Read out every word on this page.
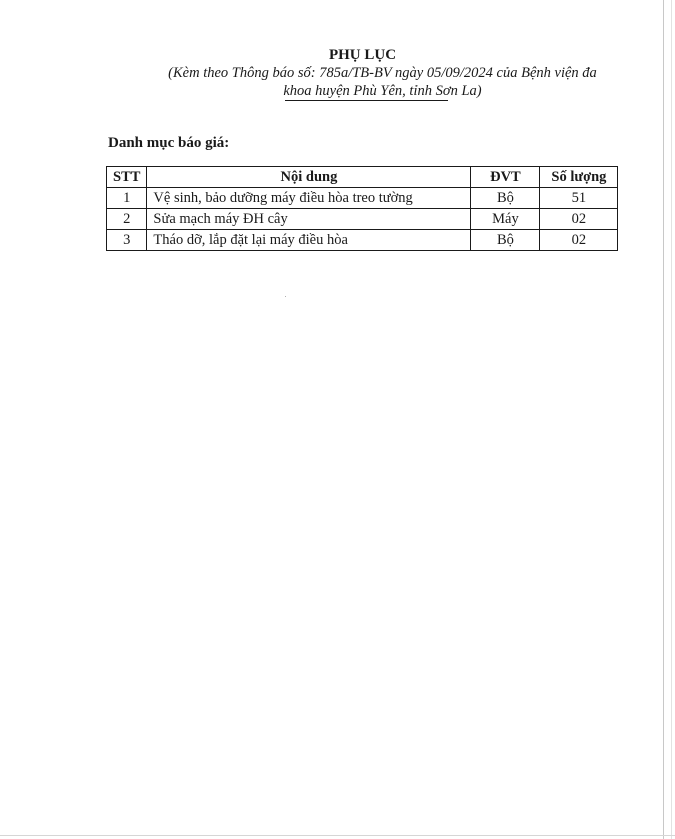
PHỤ LỤC
(Kèm theo Thông báo số: 785a/TB-BV ngày 05/09/2024 của Bệnh viện đa
khoa huyện Phù Yên, tỉnh Sơn La)
Danh mục báo giá:
STT	Nội dung	ĐVT	Số lượng
1	Vệ sinh, bảo dưỡng máy điều hòa treo tường	Bộ	51
2	Sửa mạch máy ĐH cây	Máy	02
3	Tháo dỡ, lắp đặt lại máy điều hòa	Bộ	02
